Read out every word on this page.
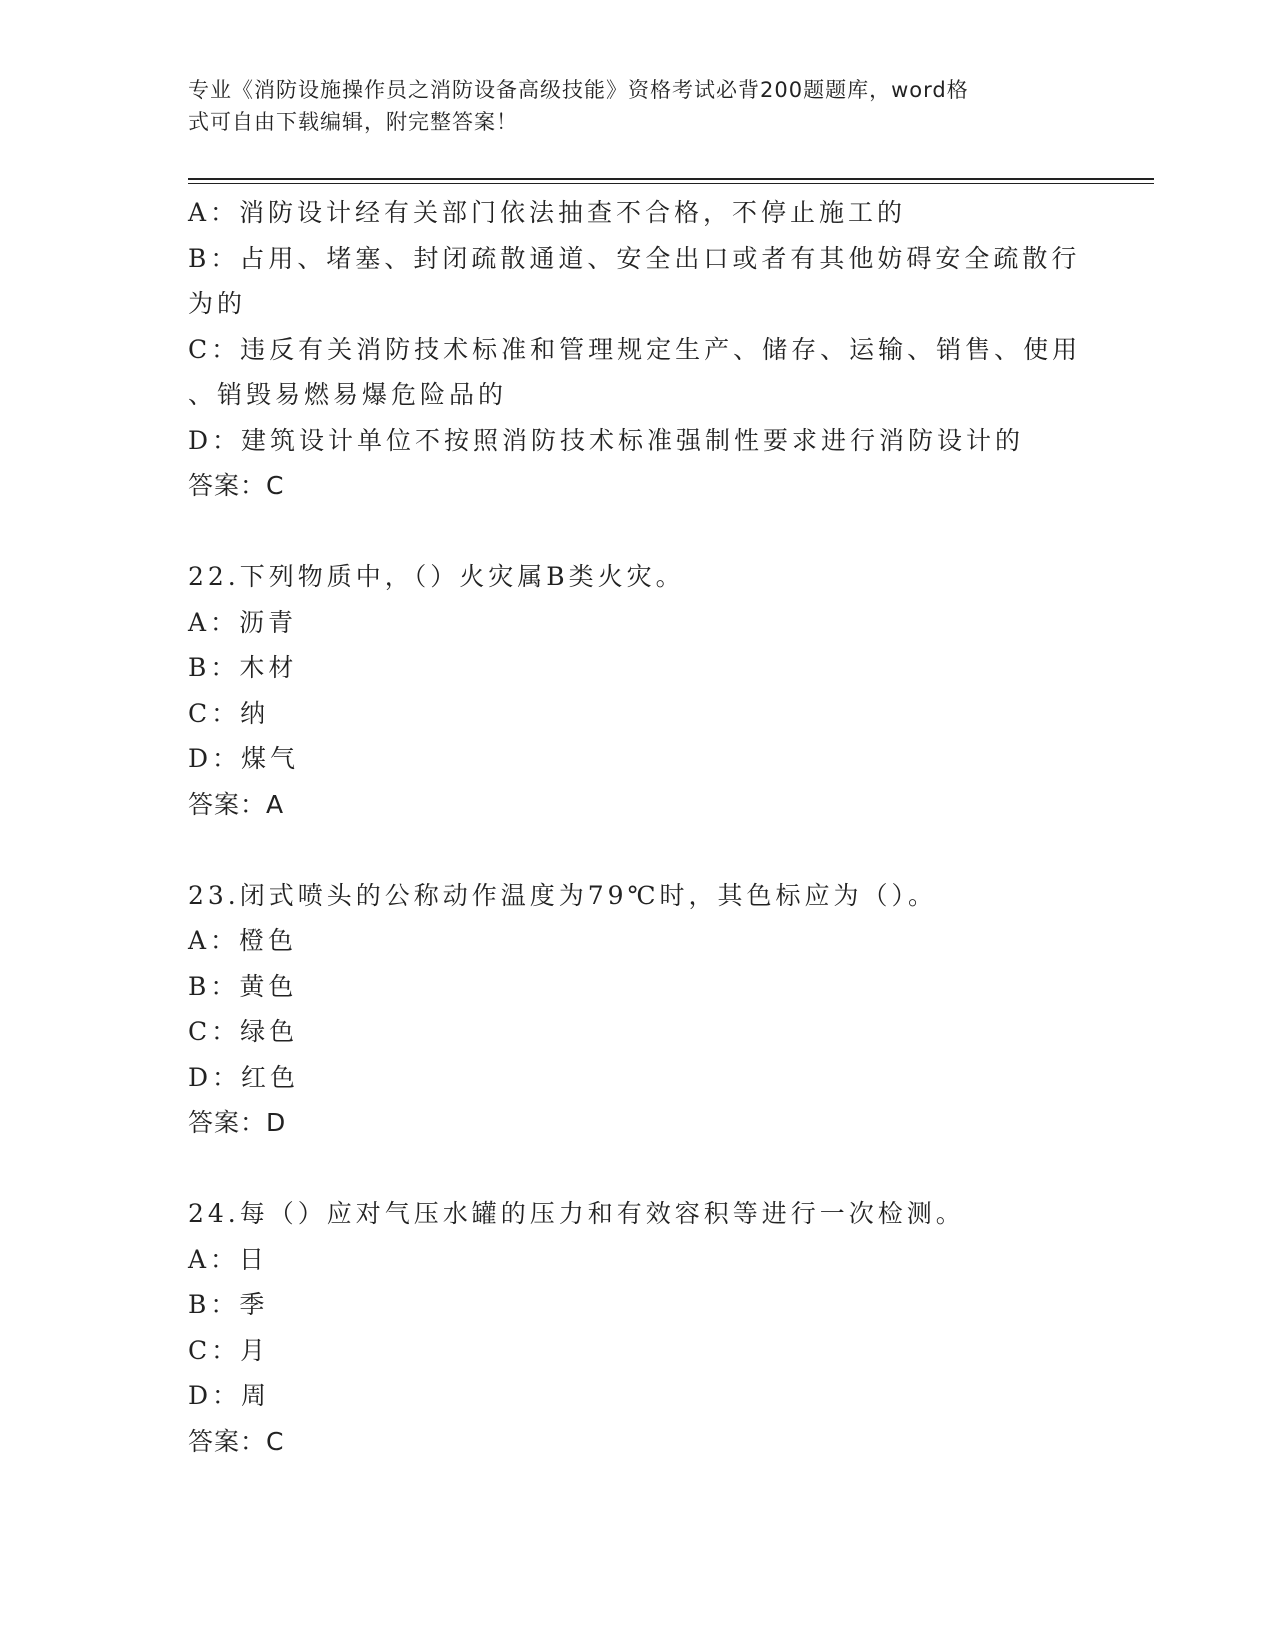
专业《消防设施操作员之消防设备高级技能》资格考试必背200题题库，word格
式可自由下载编辑，附完整答案！
A：消防设计经有关部门依法抽查不合格，不停止施工的
B：占用、堵塞、封闭疏散通道、安全出口或者有其他妨碍安全疏散行
为的
C：违反有关消防技术标准和管理规定生产、储存、运输、销售、使用
、销毁易燃易爆危险品的
D：建筑设计单位不按照消防技术标准强制性要求进行消防设计的
答案：C
22.下列物质中，（）火灾属B类火灾。
A：沥青
B：木材
C：纳
D：煤气
答案：A
23.闭式喷头的公称动作温度为79℃时，其色标应为（）。
A：橙色
B：黄色
C：绿色
D：红色
答案：D
24.每（）应对气压水罐的压力和有效容积等进行一次检测。
A：日
B：季
C：月
D：周
答案：C
